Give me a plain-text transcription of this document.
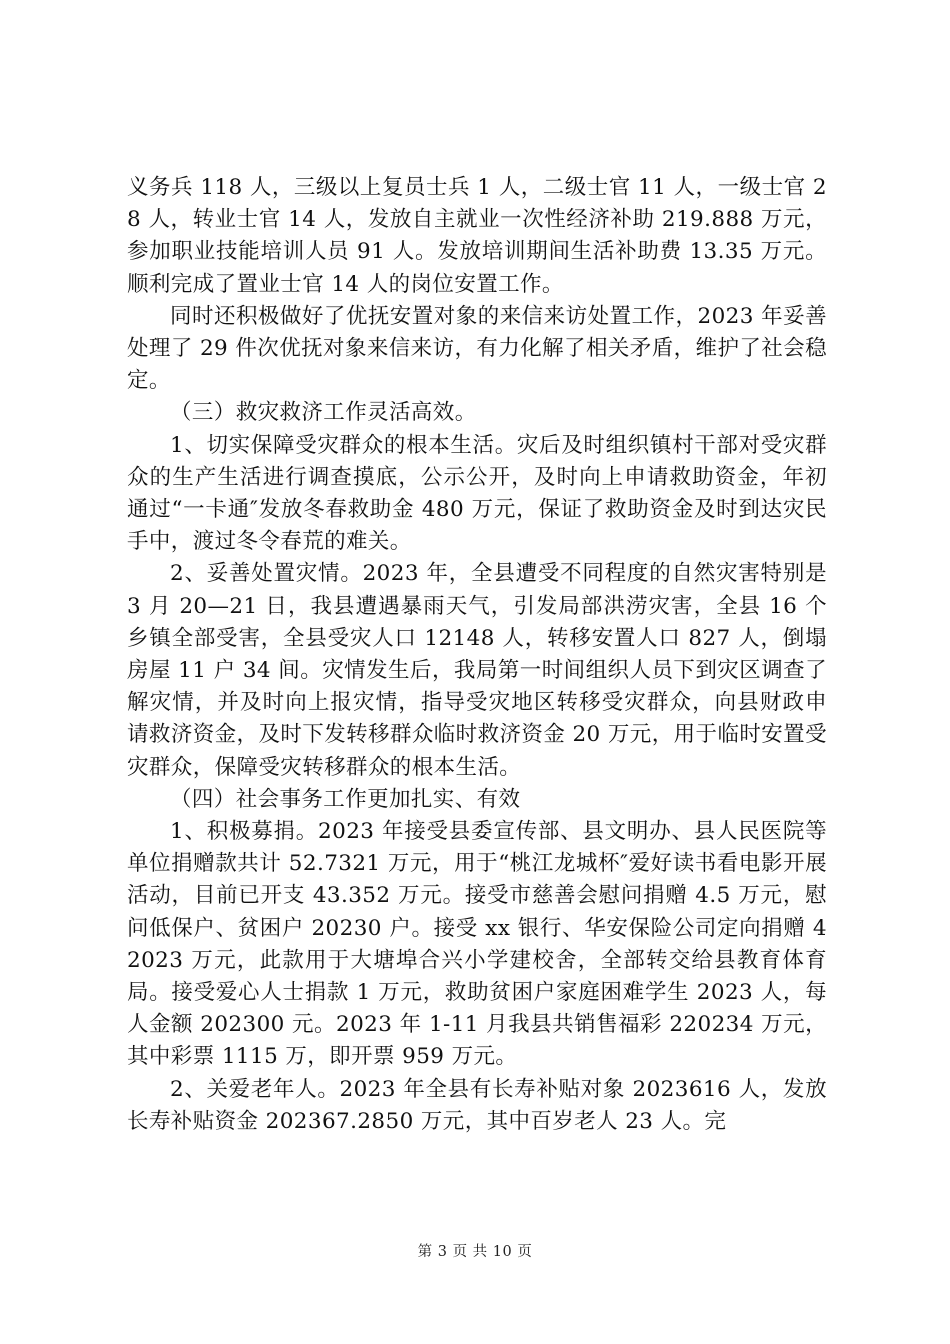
义务兵 118 人，三级以上复员士兵 1 人，二级士官 11 人，一级士官 28 人，转业士官 14 人，发放自主就业一次性经济补助 219.888 万元，参加职业技能培训人员 91 人。发放培训期间生活补助费 13.35 万元。顺利完成了置业士官 14 人的岗位安置工作。

同时还积极做好了优抚安置对象的来信来访处置工作，2023 年妥善处理了 29 件次优抚对象来信来访，有力化解了相关矛盾，维护了社会稳定。

（三）救灾救济工作灵活高效。

1、切实保障受灾群众的根本生活。灾后及时组织镇村干部对受灾群众的生产生活进行调查摸底，公示公开，及时向上申请救助资金，年初通过“一卡通″发放冬春救助金 480 万元，保证了救助资金及时到达灾民手中，渡过冬令春荒的难关。

2、妥善处置灾情。2023 年，全县遭受不同程度的自然灾害特别是 3 月 20—21 日，我县遭遇暴雨天气，引发局部洪涝灾害，全县 16 个乡镇全部受害，全县受灾人口 12148 人，转移安置人口 827 人，倒塌房屋 11 户 34 间。灾情发生后，我局第一时间组织人员下到灾区调查了解灾情，并及时向上报灾情，指导受灾地区转移受灾群众，向县财政申请救济资金，及时下发转移群众临时救济资金 20 万元，用于临时安置受灾群众，保障受灾转移群众的根本生活。

（四）社会事务工作更加扎实、有效

1、积极募捐。2023 年接受县委宣传部、县文明办、县人民医院等单位捐赠款共计 52.7321 万元，用于“桃江龙城杯″爱好读书看电影开展活动，目前已开支 43.352 万元。接受市慈善会慰问捐赠 4.5 万元，慰问低保户、贫困户 20230 户。接受 xx 银行、华安保险公司定向捐赠 42023 万元，此款用于大塘埠合兴小学建校舍，全部转交给县教育体育局。接受爱心人士捐款 1 万元，救助贫困户家庭困难学生 2023 人，每人金额 202300 元。2023 年 1-11 月我县共销售福彩 220234 万元，其中彩票 1115 万，即开票 959 万元。

2、关爱老年人。2023 年全县有长寿补贴对象 2023616 人，发放长寿补贴资金 202367.2850 万元，其中百岁老人 23 人。完

第 3 页 共 10 页
